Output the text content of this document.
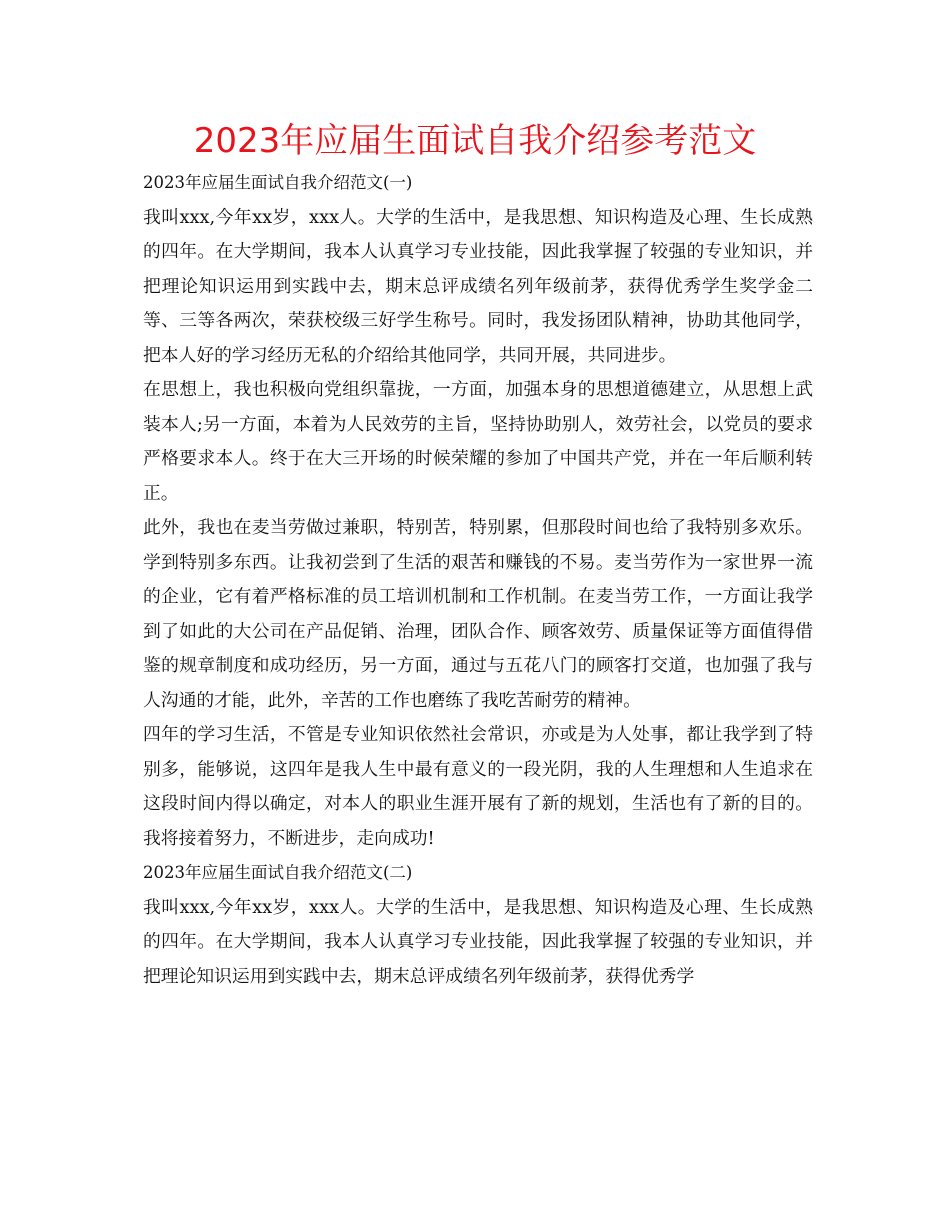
2023年应届生面试自我介绍参考范文

2023年应届生面试自我介绍范文(一)

我叫xxx,今年xx岁，xxx人。大学的生活中，是我思想、知识构造及心理、生长成熟的四年。在大学期间，我本人认真学习专业技能，因此我掌握了较强的专业知识，并把理论知识运用到实践中去，期末总评成绩名列年级前茅，获得优秀学生奖学金二等、三等各两次，荣获校级三好学生称号。同时，我发扬团队精神，协助其他同学，把本人好的学习经历无私的介绍给其他同学，共同开展，共同进步。

在思想上，我也积极向党组织靠拢，一方面，加强本身的思想道德建立，从思想上武装本人;另一方面，本着为人民效劳的主旨，坚持协助别人，效劳社会，以党员的要求严格要求本人。终于在大三开场的时候荣耀的参加了中国共产党，并在一年后顺利转正。

此外，我也在麦当劳做过兼职，特别苦，特别累，但那段时间也给了我特别多欢乐。学到特别多东西。让我初尝到了生活的艰苦和赚钱的不易。麦当劳作为一家世界一流的企业，它有着严格标准的员工培训机制和工作机制。在麦当劳工作，一方面让我学到了如此的大公司在产品促销、治理，团队合作、顾客效劳、质量保证等方面值得借鉴的规章制度和成功经历，另一方面，通过与五花八门的顾客打交道，也加强了我与人沟通的才能，此外，辛苦的工作也磨练了我吃苦耐劳的精神。

四年的学习生活，不管是专业知识依然社会常识，亦或是为人处事，都让我学到了特别多，能够说，这四年是我人生中最有意义的一段光阴，我的人生理想和人生追求在这段时间内得以确定，对本人的职业生涯开展有了新的规划，生活也有了新的目的。我将接着努力，不断进步，走向成功!

2023年应届生面试自我介绍范文(二)

我叫xxx,今年xx岁，xxx人。大学的生活中，是我思想、知识构造及心理、生长成熟的四年。在大学期间，我本人认真学习专业技能，因此我掌握了较强的专业知识，并把理论知识运用到实践中去，期末总评成绩名列年级前茅，获得优秀学
